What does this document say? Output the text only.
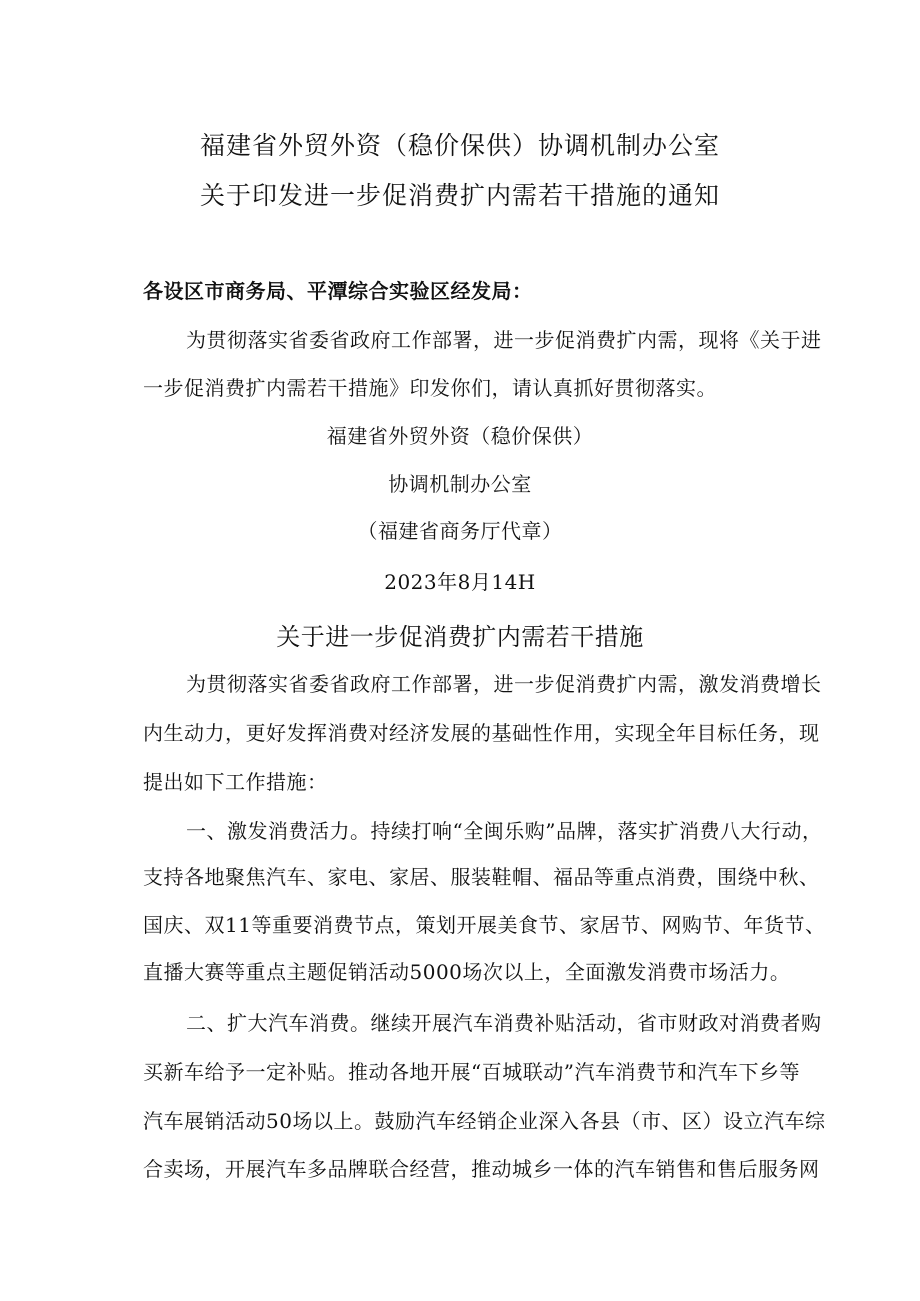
福建省外贸外资（稳价保供）协调机制办公室
关于印发进一步促消费扩内需若干措施的通知
各设区市商务局、平潭综合实验区经发局：
为贯彻落实省委省政府工作部署，进一步促消费扩内需，现将《关于进
一步促消费扩内需若干措施》印发你们，请认真抓好贯彻落实。
福建省外贸外资（稳价保供）
协调机制办公室
（福建省商务厅代章）
2023年8月14H
关于进一步促消费扩内需若干措施
为贯彻落实省委省政府工作部署，进一步促消费扩内需，激发消费增长
内生动力，更好发挥消费对经济发展的基础性作用，实现全年目标任务，现
提出如下工作措施：
一、激发消费活力。持续打响“全闽乐购”品牌，落实扩消费八大行动，
支持各地聚焦汽车、家电、家居、服装鞋帽、福品等重点消费，围绕中秋、
国庆、双11等重要消费节点，策划开展美食节、家居节、网购节、年货节、
直播大赛等重点主题促销活动5000场次以上，全面激发消费市场活力。
二、扩大汽车消费。继续开展汽车消费补贴活动，省市财政对消费者购
买新车给予一定补贴。推动各地开展“百城联动”汽车消费节和汽车下乡等
汽车展销活动50场以上。鼓励汽车经销企业深入各县（市、区）设立汽车综
合卖场，开展汽车多品牌联合经营，推动城乡一体的汽车销售和售后服务网
